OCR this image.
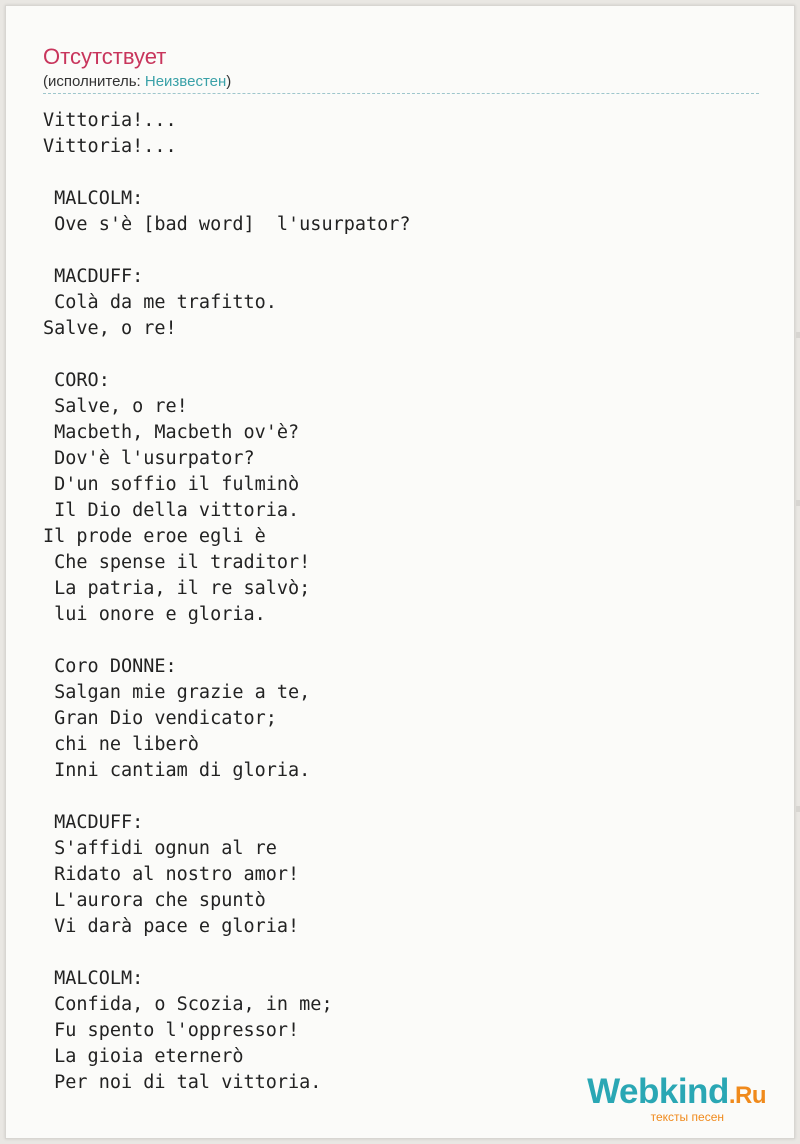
Отсутствует
(исполнитель: Неизвестен)
Vittoria!...
Vittoria!...

MALCOLM:
Ove s'è [bad word]  l'usurpator?

MACDUFF:
Colà da me trafitto.
Salve, o re!

CORO:
Salve, o re!
Macbeth, Macbeth ov'è?
Dov'è l'usurpator?
D'un soffio il fulminò
Il Dio della vittoria.
Il prode eroe egli è
Che spense il traditor!
La patria, il re salvò;
lui onore e gloria.

Coro DONNE:
Salgan mie grazie a te,
Gran Dio vendicator;
chi ne liberò
Inni cantiam di gloria.

MACDUFF:
S'affidi ognun al re
Ridato al nostro amor!
L'aurora che spuntò
Vi darà pace e gloria!

MALCOLM:
Confida, o Scozia, in me;
Fu spento l'oppressor!
La gioia eternerò
Per noi di tal vittoria.	Webkind.Ru
тексты песен
